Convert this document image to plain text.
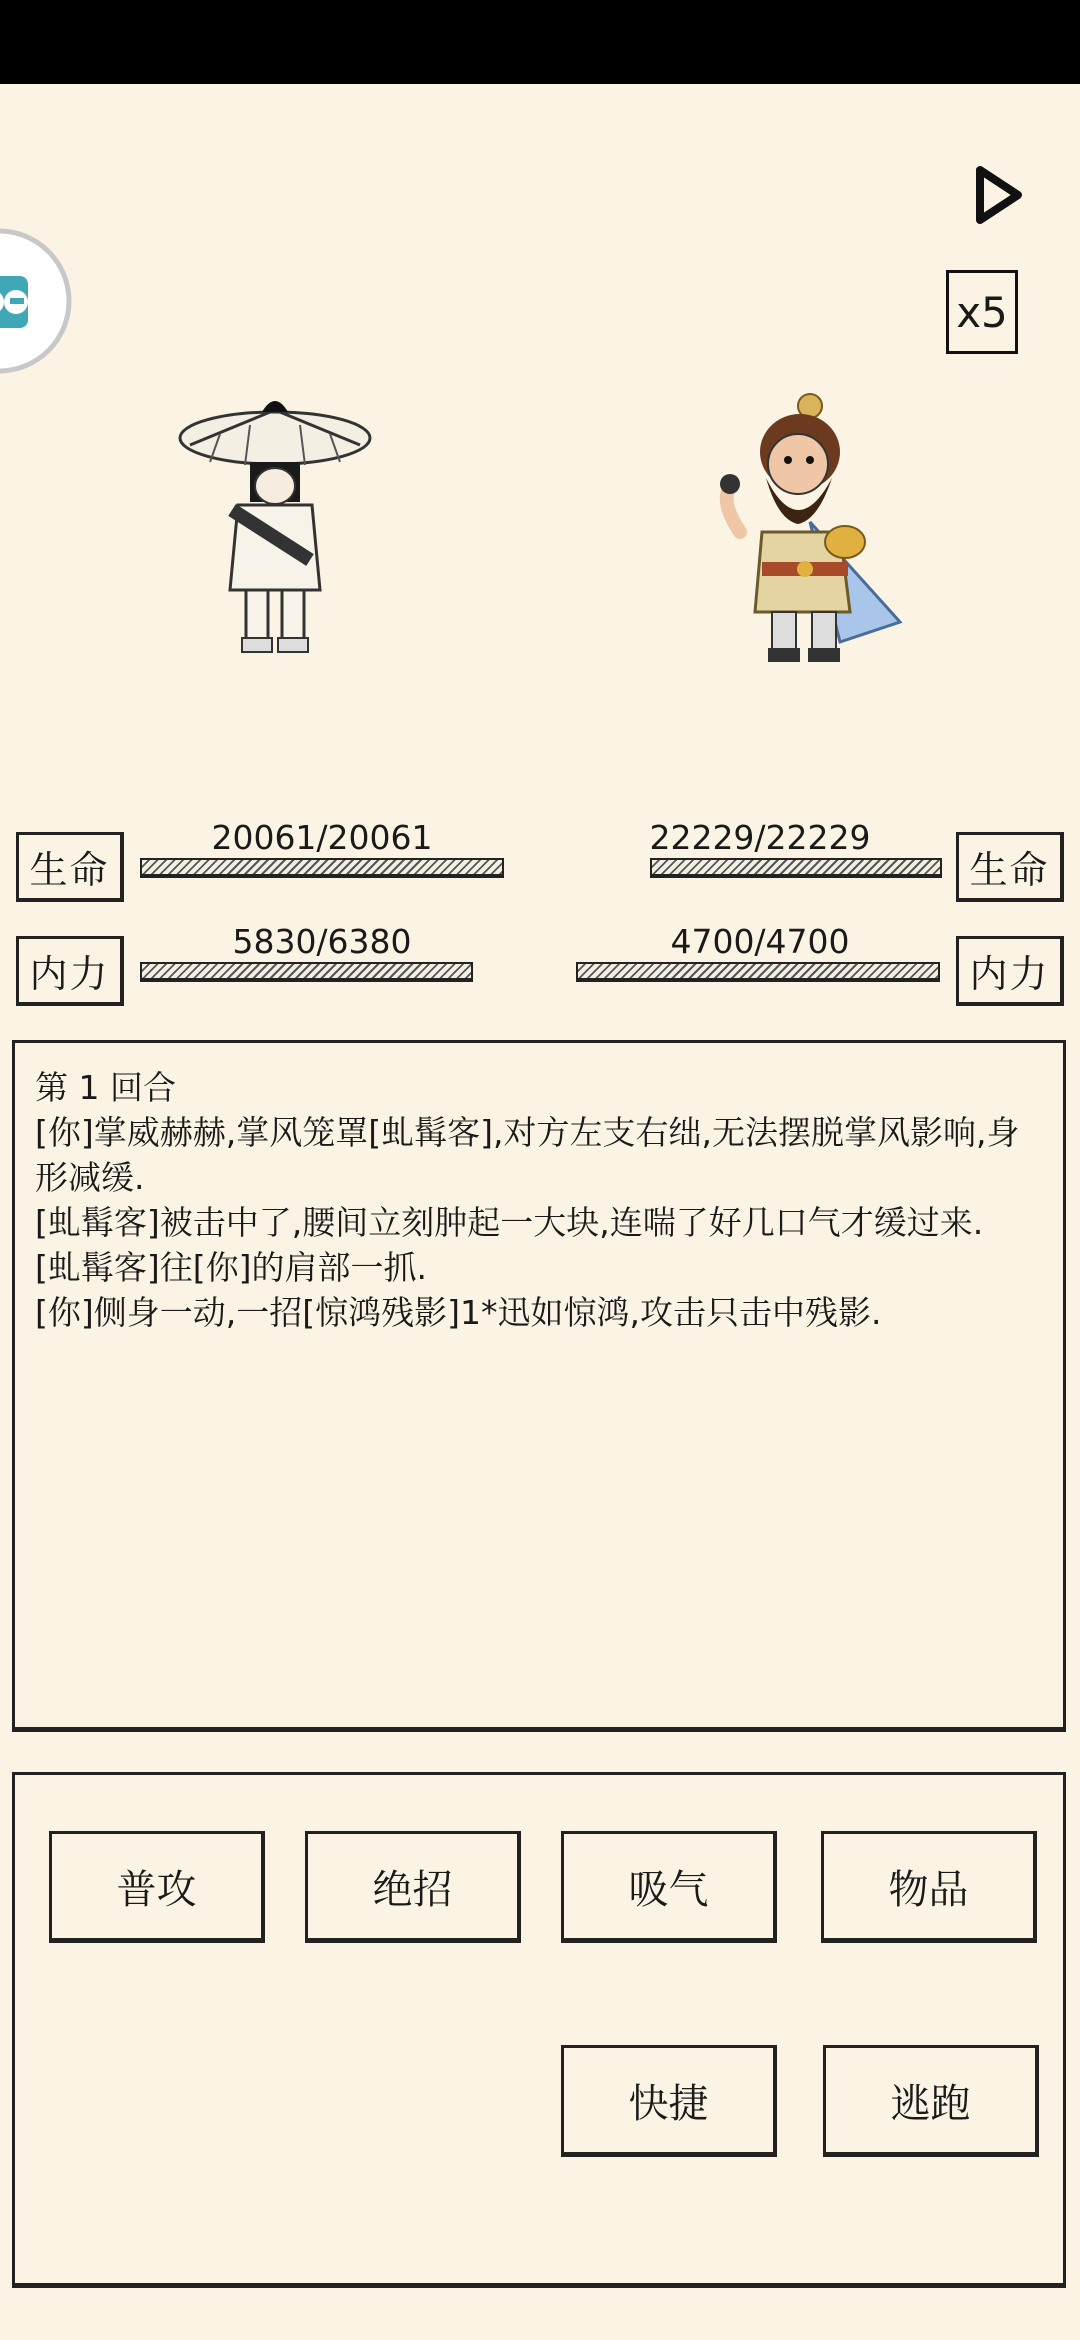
x5
生命
20061/20061
内力
5830/6380
生命
22229/22229
内力
4700/4700
第 1 回合
[你]掌威赫赫,掌风笼罩[虬髯客],对方左支右绌,无法摆脱掌风影响,身形减缓.
[虬髯客]被击中了,腰间立刻肿起一大块,连喘了好几口气才缓过来.
[虬髯客]往[你]的肩部一抓.
[你]侧身一动,一招[惊鸿残影]1*迅如惊鸿,攻击只击中残影.
普攻	绝招	吸气	物品
快捷	逃跑
